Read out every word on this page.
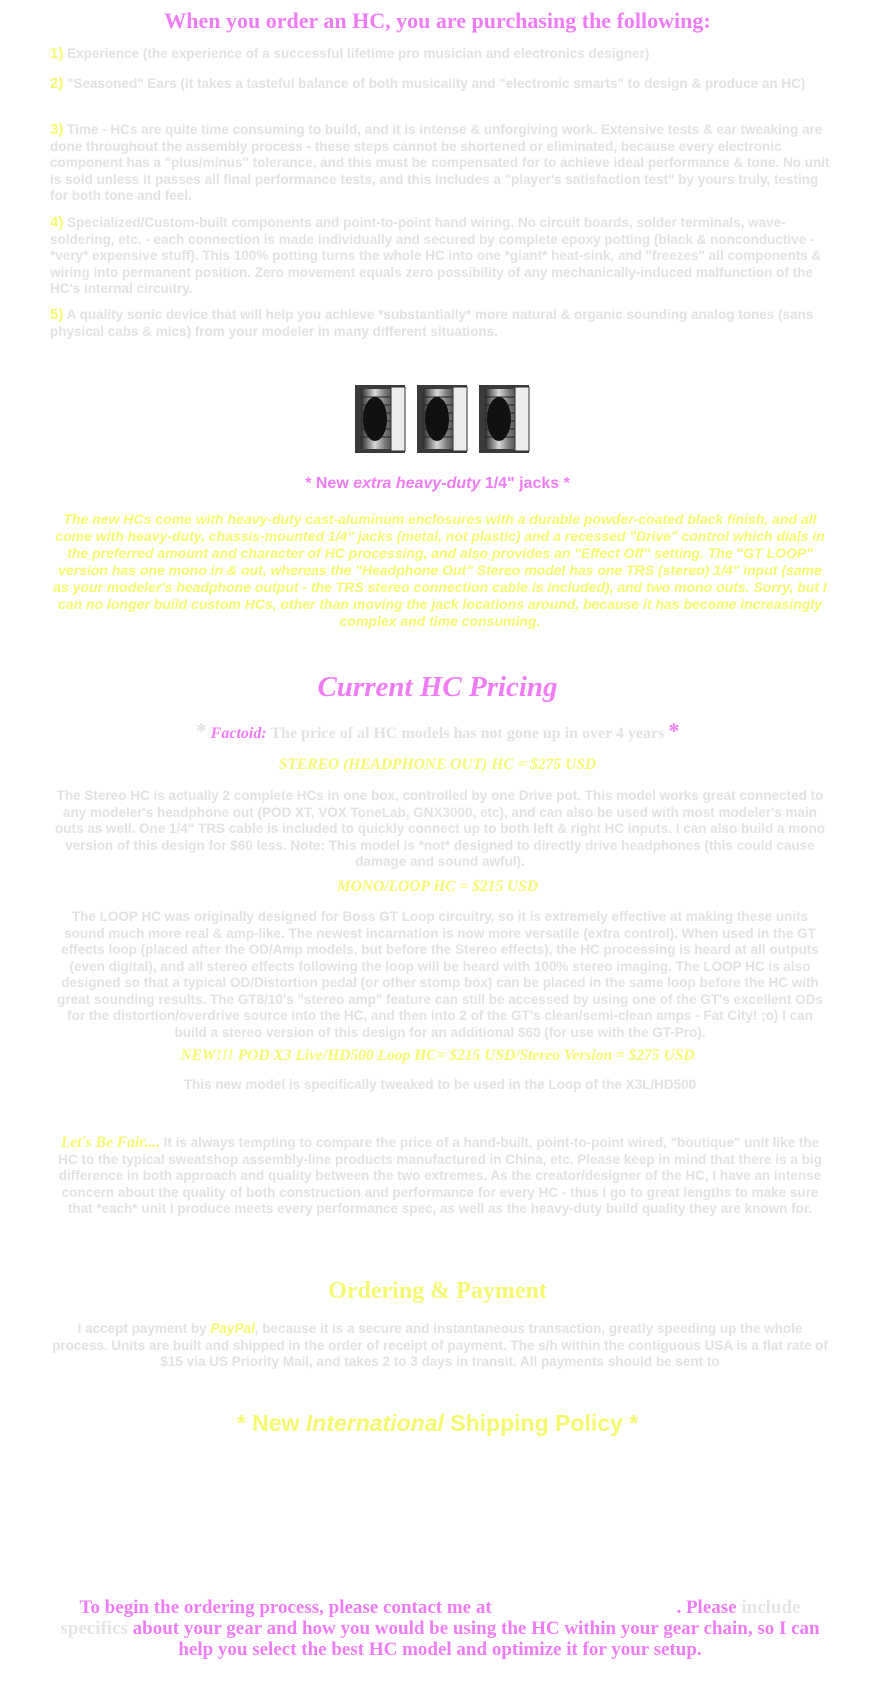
When you order an HC, you are purchasing the following:
1) Experience (the experience of a successful lifetime pro musician and electronics designer)
2) "Seasoned" Ears (it takes a tasteful balance of both musicality and "electronic smarts" to design & produce an HC)
3) Time - HCs are quite time consuming to build, and it is intense & unforgiving work. Extensive tests & ear tweaking are done throughout the assembly process - these steps cannot be shortened or eliminated, because every electronic component has a "plus/minus" tolerance, and this must be compensated for to achieve ideal performance & tone. No unit is sold unless it passes all final performance tests, and this includes a "player's satisfaction test" by yours truly, testing for both tone and feel.
4) Specialized/Custom-built components and point-to-point hand wiring. No circuit boards, solder terminals, wave-soldering, etc. - each connection is made individually and secured by complete epoxy potting (black & nonconductive - *very* expensive stuff). This 100% potting turns the whole HC into one *giant* heat-sink, and "freezes" all components & wiring into permanent position. Zero movement equals zero possibility of any mechanically-induced malfunction of the HC's internal circuitry.
5) A quality sonic device that will help you achieve *substantially* more natural & organic sounding analog tones (sans physical cabs & mics) from your modeler in many different situations.
* New extra heavy-duty 1/4" jacks *
The new HCs come with heavy-duty cast-aluminum enclosures with a durable powder-coated black finish, and all come with heavy-duty, chassis-mounted 1/4" jacks (metal, not plastic) and a recessed "Drive" control which dials in the preferred amount and character of HC processing, and also provides an "Effect Off" setting. The "GT LOOP" version has one mono in & out, whereas the "Headphone Out" Stereo model has one TRS (stereo) 1/4" input (same as your modeler's headphone output - the TRS stereo connection cable is included), and two mono outs. Sorry, but I can no longer build custom HCs, other than moving the jack locations around, because it has become increasingly complex and time consuming.
Current HC Pricing
* Factoid: The price of al HC models has not gone up in over 4 years *
STEREO (HEADPHONE OUT) HC = $275 USD
The Stereo HC is actually 2 complete HCs in one box, controlled by one Drive pot. This model works great connected to any modeler's headphone out (POD XT, VOX ToneLab, GNX3000, etc), and can also be used with most modeler's main outs as well. One 1/4" TRS cable is included to quickly connect up to both left & right HC inputs. I can also build a mono version of this design for $60 less. Note: This model is *not* designed to directly drive headphones (this could cause damage and sound awful).
MONO/LOOP HC = $215 USD
The LOOP HC was originally designed for Boss GT Loop circuitry, so it is extremely effective at making these units sound much more real & amp-like. The newest incarnation is now more versatile (extra control). When used in the GT effects loop (placed after the OD/Amp models, but before the Stereo effects), the HC processing is heard at all outputs (even digital), and all stereo effects following the loop will be heard with 100% stereo imaging. The LOOP HC is also designed so that a typical OD/Distortion pedal (or other stomp box) can be placed in the same loop before the HC with great sounding results. The GT8/10's "stereo amp" feature can still be accessed by using one of the GT's excellent ODs for the distortion/overdrive source into the HC, and then into 2 of the GT's clean/semi-clean amps - Fat City! ;o) I can build a stereo version of this design for an additional $60 (for use with the GT-Pro).
NEW!!! POD X3 Live/HD500 Loop HC= $215 USD/Stereo Version = $275 USD
This new model is specifically tweaked to be used in the Loop of the X3L/HD500
Let's Be Fair.... It is always tempting to compare the price of a hand-built, point-to-point wired, "boutique" unit like the HC to the typical sweatshop assembly-line products manufactured in China, etc. Please keep in mind that there is a big difference in both approach and quality between the two extremes. As the creator/designer of the HC, I have an intense concern about the quality of both construction and performance for every HC - thus I go to great lengths to make sure that *each* unit I produce meets every performance spec, as well as the heavy-duty build quality they are known for.
Ordering & Payment
I accept payment by PayPal, because it is a secure and instantaneous transaction, greatly speeding up the whole process. Units are built and shipped in the order of receipt of payment. The s/h within the contiguous USA is a flat rate of $15 via US Priority Mail, and takes 2 to 3 days in transit. All payments should be sent to
* New International Shipping Policy *
To begin the ordering process, please contact me at	. Please include specifics about your gear and how you would be using the HC within your gear chain, so I can help you select the best HC model and optimize it for your setup.
